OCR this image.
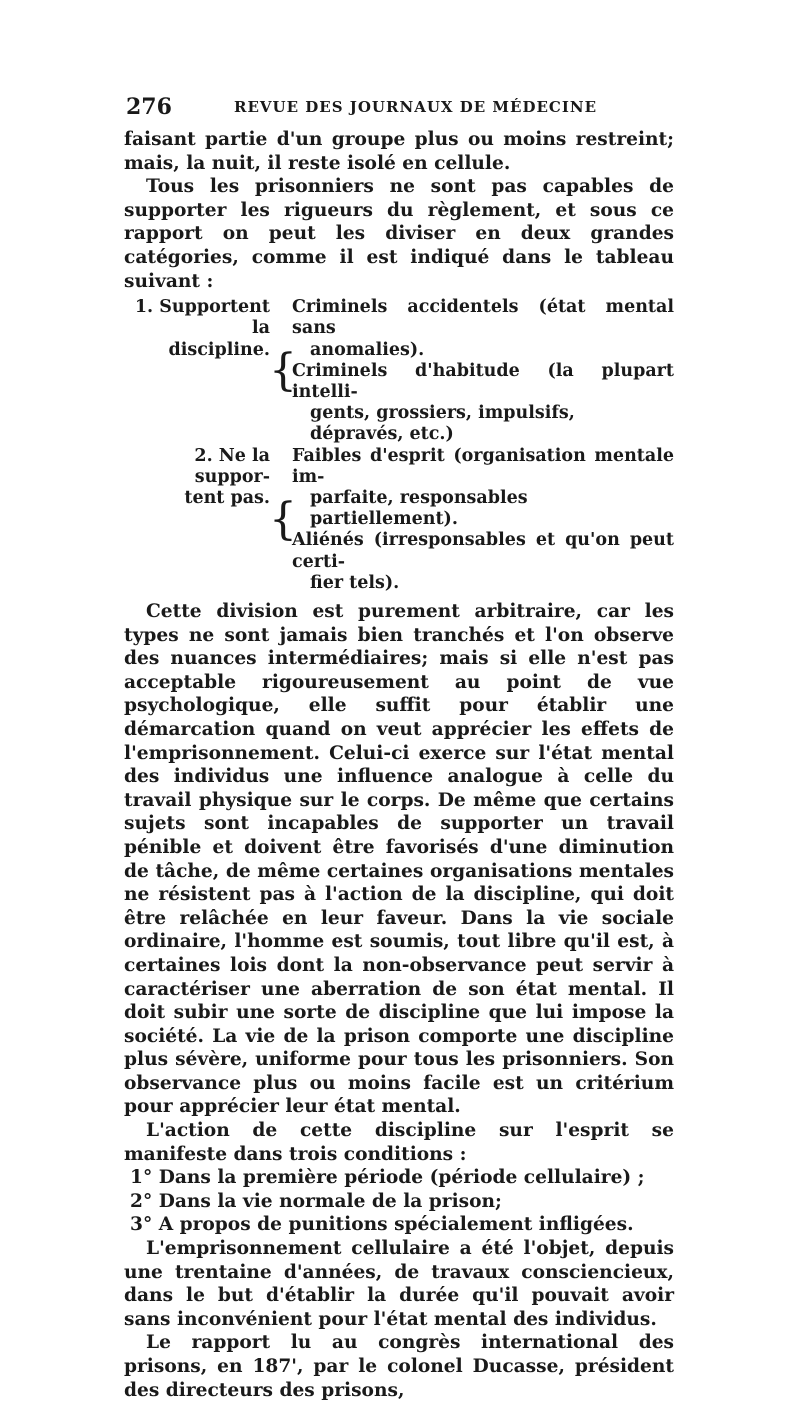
276	REVUE DES JOURNAUX DE MÉDECINE

faisant partie d'un groupe plus ou moins restreint; mais, la nuit, il reste isolé en cellule.

Tous les prisonniers ne sont pas capables de supporter les rigueurs du règlement, et sous ce rapport on peut les diviser en deux grandes catégories, comme il est indiqué dans le tableau suivant :

1. Supportent la
discipline. {
Criminels accidentels (état mental sans
anomalies).
Criminels d'habitude (la plupart intelli-
gents, grossiers, impulsifs, dépravés, etc.)
2. Ne la suppor-
tent pas. {
Faibles d'esprit (organisation mentale im-
parfaite, responsables partiellement).
Aliénés (irresponsables et qu'on peut certi-
fier tels).

Cette division est purement arbitraire, car les types ne sont jamais bien tranchés et l'on observe des nuances intermédiaires; mais si elle n'est pas acceptable rigoureusement au point de vue psychologique, elle suffit pour établir une démarcation quand on veut apprécier les effets de l'emprisonnement. Celui-ci exerce sur l'état mental des individus une influence analogue à celle du travail physique sur le corps. De même que certains sujets sont incapables de supporter un travail pénible et doivent être favorisés d'une diminution de tâche, de même certaines organisations mentales ne résistent pas à l'action de la discipline, qui doit être relâchée en leur faveur. Dans la vie sociale ordinaire, l'homme est soumis, tout libre qu'il est, à certaines lois dont la non-observance peut servir à caractériser une aberration de son état mental. Il doit subir une sorte de discipline que lui impose la société. La vie de la prison comporte une discipline plus sévère, uniforme pour tous les prisonniers. Son observance plus ou moins facile est un critérium pour apprécier leur état mental.

L'action de cette discipline sur l'esprit se manifeste dans trois conditions :

1° Dans la première période (période cellulaire) ;

2° Dans la vie normale de la prison;

3° A propos de punitions spécialement infligées.

L'emprisonnement cellulaire a été l'objet, depuis une trentaine d'années, de travaux consciencieux, dans le but d'établir la durée qu'il pouvait avoir sans inconvénient pour l'état mental des individus.

Le rapport lu au congrès international des prisons, en 187', par le colonel Ducasse, président des directeurs des prisons,
